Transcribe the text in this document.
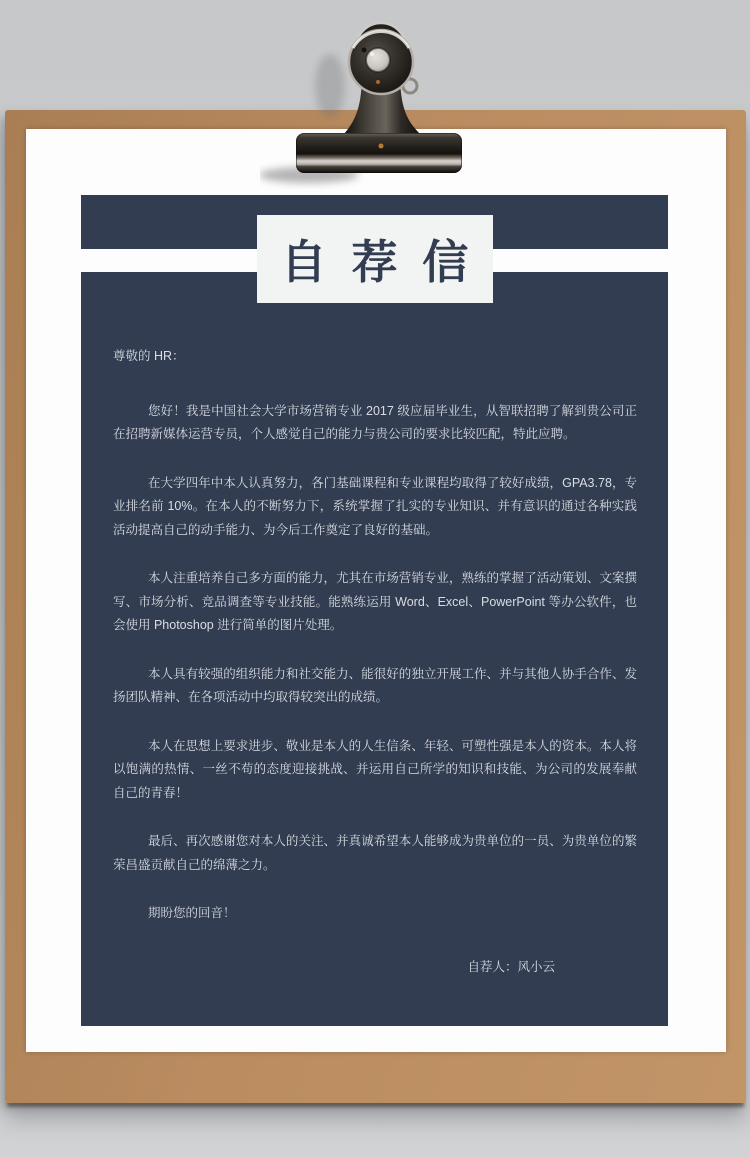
自 荐 信

尊敬的 HR：

您好！我是中国社会大学市场营销专业 2017 级应届毕业生，从智联招聘了解到贵公司正在招聘新媒体运营专员，个人感觉自己的能力与贵公司的要求比较匹配，特此应聘。

在大学四年中本人认真努力，各门基础课程和专业课程均取得了较好成绩，GPA3.78，专业排名前 10%。在本人的不断努力下，系统掌握了扎实的专业知识、并有意识的通过各种实践活动提高自己的动手能力、为今后工作奠定了良好的基础。

本人注重培养自己多方面的能力，尤其在市场营销专业，熟练的掌握了活动策划、文案撰写、市场分析、竞品调查等专业技能。能熟练运用 Word、Excel、PowerPoint 等办公软件，也会使用 Photoshop 进行简单的图片处理。

本人具有较强的组织能力和社交能力、能很好的独立开展工作、并与其他人协手合作、发扬团队精神、在各项活动中均取得较突出的成绩。

本人在思想上要求进步、敬业是本人的人生信条、年轻、可塑性强是本人的资本。本人将以饱满的热情、一丝不苟的态度迎接挑战、并运用自己所学的知识和技能、为公司的发展奉献自己的青春！

最后、再次感谢您对本人的关注、并真诚希望本人能够成为贵单位的一员、为贵单位的繁荣昌盛贡献自己的绵薄之力。

期盼您的回音！

自荐人：风小云
